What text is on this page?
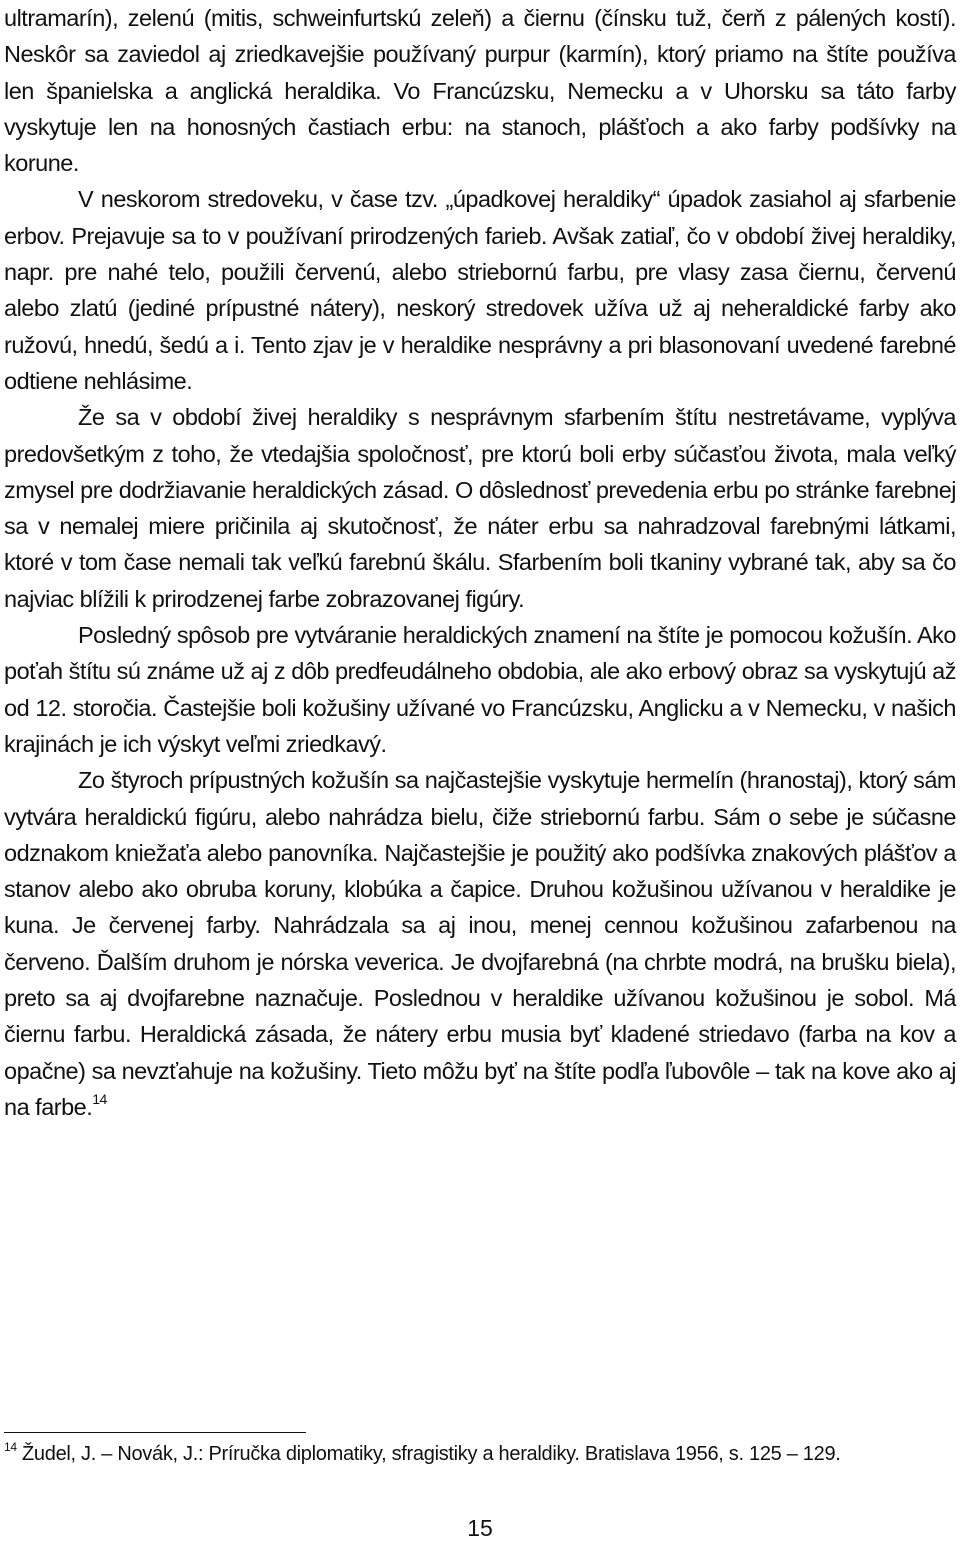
ultramarín), zelenú (mitis, schweinfurtskú zeleň) a čiernu (čínsku tuž, čerň z pálených kostí). Neskôr sa zaviedol aj zriedkavejšie používaný purpur (karmín), ktorý priamo na štíte používa len španielska a anglická heraldika. Vo Francúzsku, Nemecku a v Uhorsku sa táto farby vyskytuje len na honosných častiach erbu: na stanoch, plášťoch a ako farby podšívky na korune.

V neskorom stredoveku, v čase tzv. „úpadkovej heraldiky“ úpadok zasiahol aj sfarbenie erbov. Prejavuje sa to v používaní prirodzených farieb. Avšak zatiaľ, čo v období živej heraldiky, napr. pre nahé telo, použili červenú, alebo striebornú farbu, pre vlasy zasa čiernu, červenú alebo zlatú (jediné prípustné nátery), neskorý stredovek užíva už aj neheraldické farby ako ružovú, hnedú, šedú a i. Tento zjav je v heraldike nesprávny a pri blasonovaní uvedené farebné odtiene nehlásime.

Že sa v období živej heraldiky s nesprávnym sfarbením štítu nestretávame, vyplýva predovšetkým z toho, že vtedajšia spoločnosť, pre ktorú boli erby súčasťou života, mala veľký zmysel pre dodržiavanie heraldických zásad. O dôslednosť prevedenia erbu po stránke farebnej sa v nemalej miere pričinila aj skutočnosť, že náter erbu sa nahradzoval farebnými látkami, ktoré v tom čase nemali tak veľkú farebnú škálu. Sfarbením boli tkaniny vybrané tak, aby sa čo najviac blížili k prirodzenej farbe zobrazovanej figúry.

Posledný spôsob pre vytváranie heraldických znamení na štíte je pomocou kožušín. Ako poťah štítu sú známe už aj z dôb predfeudálneho obdobia, ale ako erbový obraz sa vyskytujú až od 12. storočia. Častejšie boli kožušiny užívané vo Francúzsku, Anglicku a v Nemecku, v našich krajinách je ich výskyt veľmi zriedkavý.

Zo štyroch prípustných kožušín sa najčastejšie vyskytuje hermelín (hranostaj), ktorý sám vytvára heraldickú figúru, alebo nahrádza bielu, čiže striebornú farbu. Sám o sebe je súčasne odznakom kniežaťa alebo panovníka. Najčastejšie je použitý ako podšívka znakových plášťov a stanov alebo ako obruba koruny, klobúka a čapice. Druhou kožušinou užívanou v heraldike je kuna. Je červenej farby. Nahrádzala sa aj inou, menej cennou kožušinou zafarbenou na červeno. Ďalším druhom je nórska veverica. Je dvojfarebná (na chrbte modrá, na brušku biela), preto sa aj dvojfarebne naznačuje. Poslednou v heraldike užívanou kožušinou je sobol. Má čiernu farbu. Heraldická zásada, že nátery erbu musia byť kladené striedavo (farba na kov a opačne) sa nevzťahuje na kožušiny. Tieto môžu byť na štíte podľa ľubovôle – tak na kove ako aj na farbe.$^{14}$

$^{14}$ Žudel, J. – Novák, J.: Príručka diplomatiky, sfragistiky a heraldiky. Bratislava 1956, s. 125 – 129.
15
